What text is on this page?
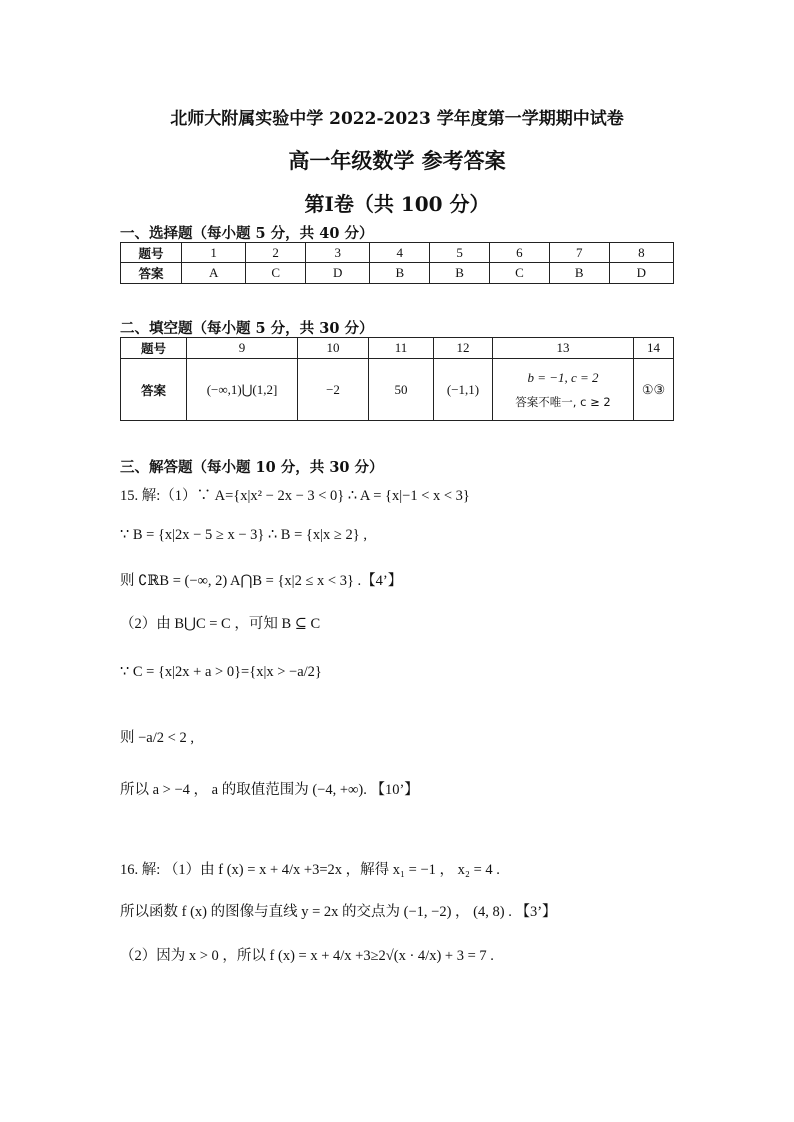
北师大附属实验中学 2022-2023 学年度第一学期期中试卷
高一年级数学 参考答案
第Ⅰ卷（共 100 分）
一、选择题（每小题 5 分，共 40 分）
题号	1	2	3	4	5	6	7	8
答案	A	C	D	B	B	C	B	D
二、填空题（每小题 5 分，共 30 分）
题号	9	10	11	12	13	14
答案	(−∞,1)⋃(1,2]	−2	50	(−1,1)	b = −1, c = 2
答案不唯一, c ≥ 2	①③
三、解答题（每小题 10 分，共 30 分）
15. 解:（1）∵ A={x|x² − 2x − 3 < 0} ∴ A = {x|−1 < x < 3}
∵ B = {x|2x − 5 ≥ x − 3} ∴ B = {x|x ≥ 2} ,
则 ∁ℝB = (−∞, 2) A⋂B = {x|2 ≤ x < 3} .【4’】
（2）由 B⋃C = C ，可知 B ⊆ C
∵ C = {x|2x + a > 0}={x|x > −a/2}
则 −a/2 < 2 ,
所以 a > −4 ， a 的取值范围为 (−4, +∞). 【10’】
16. 解: （1）由 f (x) = x + 4/x +3=2x ，解得 x₁ = −1 ， x₂ = 4 .
所以函数 f (x) 的图像与直线 y = 2x 的交点为 (−1, −2) ， (4, 8) . 【3’】
（2）因为 x > 0 ，所以 f (x) = x + 4/x +3≥2√(x · 4/x) + 3 = 7 .
